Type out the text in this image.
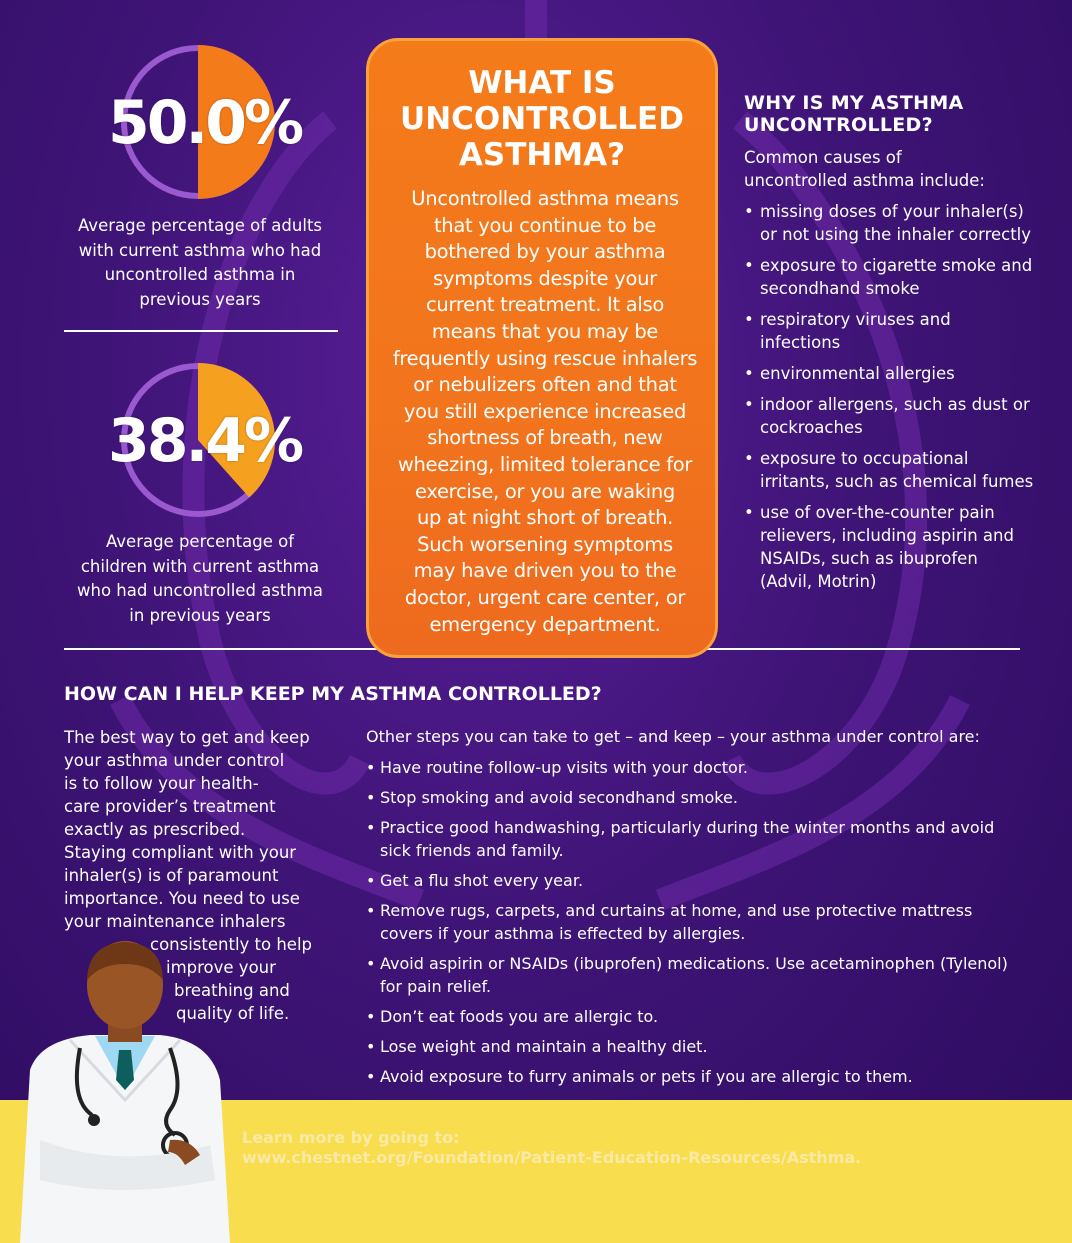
50.0%
Average percentage of adults
with current asthma who had
uncontrolled asthma in
previous years
38.4%
Average percentage of
children with current asthma
who had uncontrolled asthma
in previous years
WHAT IS
UNCONTROLLED
ASTHMA?
Uncontrolled asthma means
that you continue to be
bothered by your asthma
symptoms despite your
current treatment. It also
means that you may be
frequently using rescue inhalers
or nebulizers often and that
you still experience increased
shortness of breath, new
wheezing, limited tolerance for
exercise, or you are waking
up at night short of breath.
Such worsening symptoms
may have driven you to the
doctor, urgent care center, or
emergency department.
WHY IS MY ASTHMA
UNCONTROLLED?
Common causes of
uncontrolled asthma include:
• missing doses of your inhaler(s) or not using the inhaler correctly
• exposure to cigarette smoke and secondhand smoke
• respiratory viruses and infections
• environmental allergies
• indoor allergens, such as dust or cockroaches
• exposure to occupational irritants, such as chemical fumes
• use of over-the-counter pain relievers, including aspirin and NSAIDs, such as ibuprofen (Advil, Motrin)
HOW CAN I HELP KEEP MY ASTHMA CONTROLLED?
The best way to get and keep
your asthma under control
is to follow your health-
care provider’s treatment
exactly as prescribed.
Staying compliant with your
inhaler(s) is of paramount
importance. You need to use
your maintenance inhalers
consistently to help
improve your
breathing and
quality of life.
Other steps you can take to get – and keep – your asthma under control are:
• Have routine follow-up visits with your doctor.
• Stop smoking and avoid secondhand smoke.
• Practice good handwashing, particularly during the winter months and avoid sick friends and family.
• Get a flu shot every year.
• Remove rugs, carpets, and curtains at home, and use protective mattress covers if your asthma is effected by allergies.
• Avoid aspirin or NSAIDs (ibuprofen) medications. Use acetaminophen (Tylenol) for pain relief.
• Don’t eat foods you are allergic to.
• Lose weight and maintain a healthy diet.
• Avoid exposure to furry animals or pets if you are allergic to them.
Learn more by going to:
www.chestnet.org/Foundation/Patient-Education-Resources/Asthma.
